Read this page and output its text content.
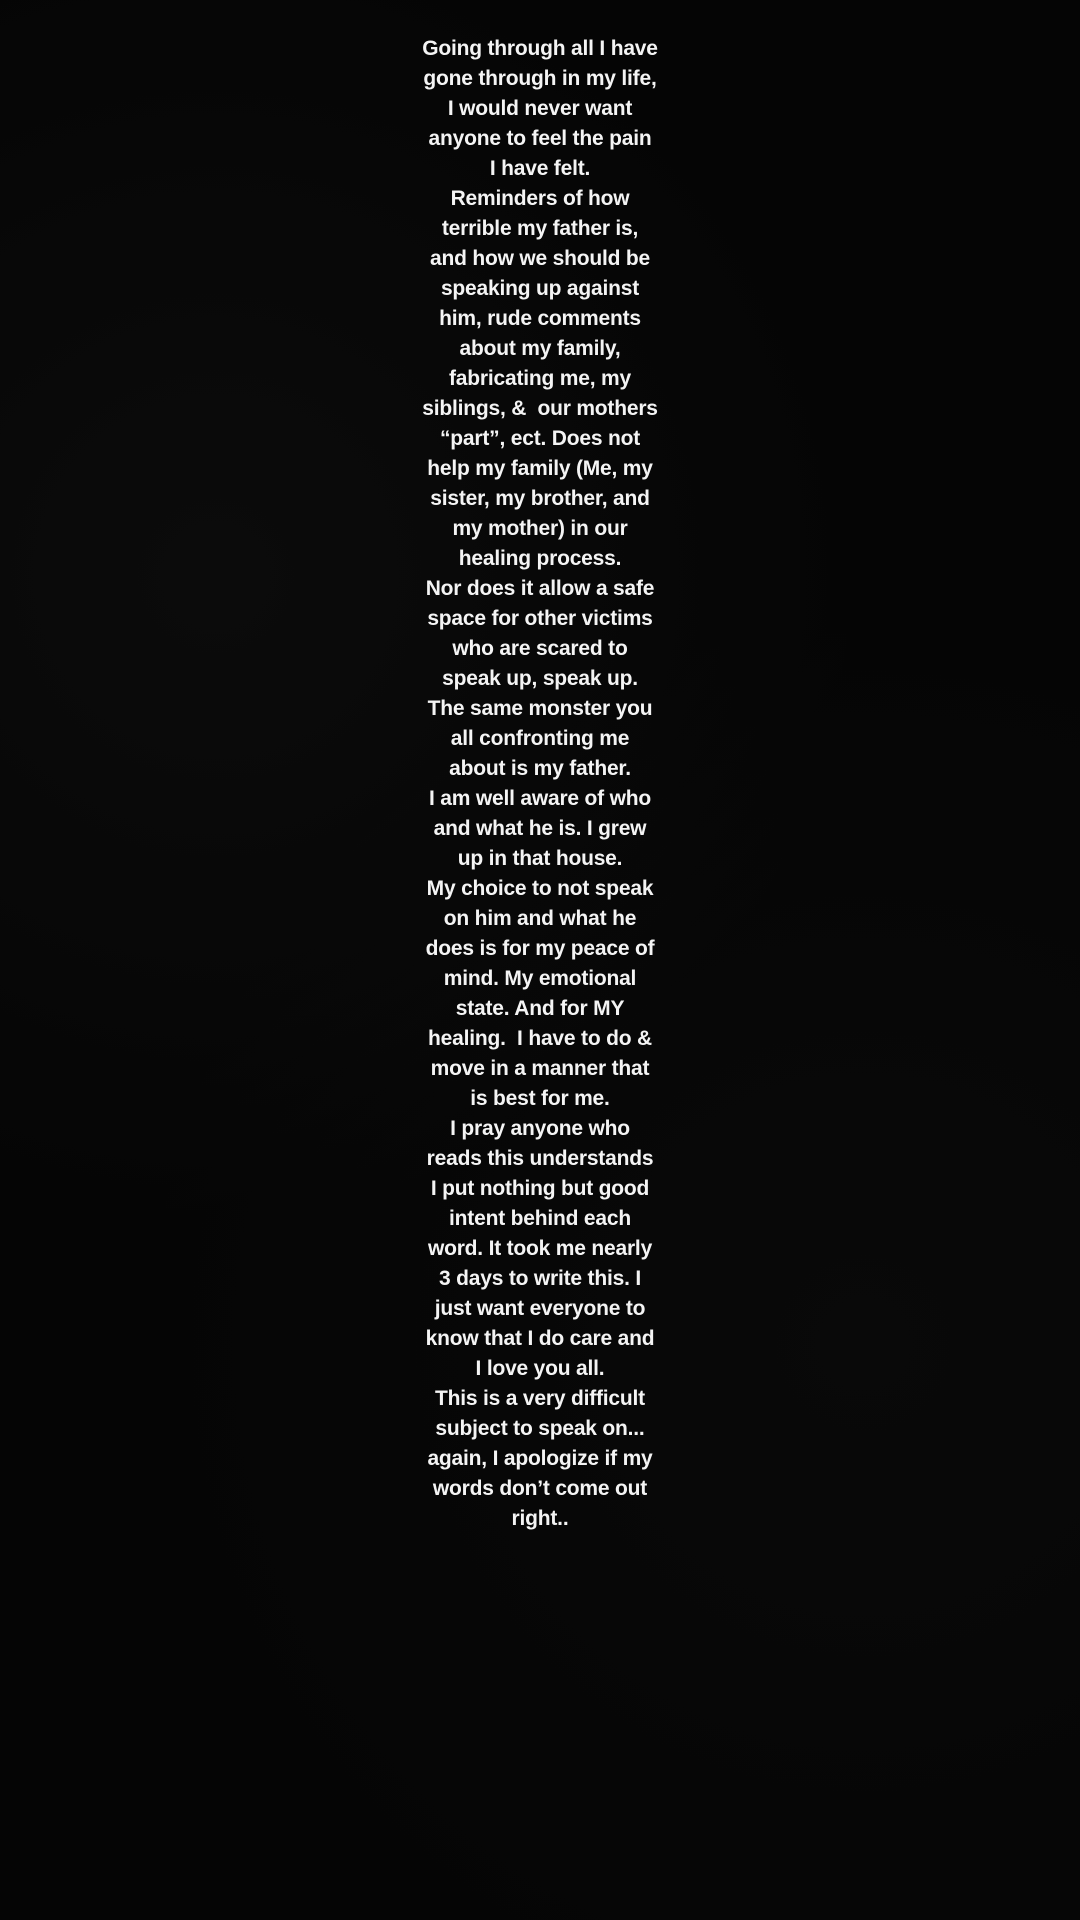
Going through all I have
gone through in my life,
I would never want
anyone to feel the pain
I have felt.
Reminders of how
terrible my father is,
and how we should be
speaking up against
him, rude comments
about my family,
fabricating me, my
siblings, &  our mothers
“part”, ect. Does not
help my family (Me, my
sister, my brother, and
my mother) in our
healing process.
Nor does it allow a safe
space for other victims
who are scared to
speak up, speak up.
The same monster you
all confronting me
about is my father.
I am well aware of who
and what he is. I grew
up in that house.
My choice to not speak
on him and what he
does is for my peace of
mind. My emotional
state. And for MY
healing.  I have to do &
move in a manner that
is best for me.
I pray anyone who
reads this understands
I put nothing but good
intent behind each
word. It took me nearly
3 days to write this. I
just want everyone to
know that I do care and
I love you all.
This is a very difficult
subject to speak on...
again, I apologize if my
words don’t come out
right..
